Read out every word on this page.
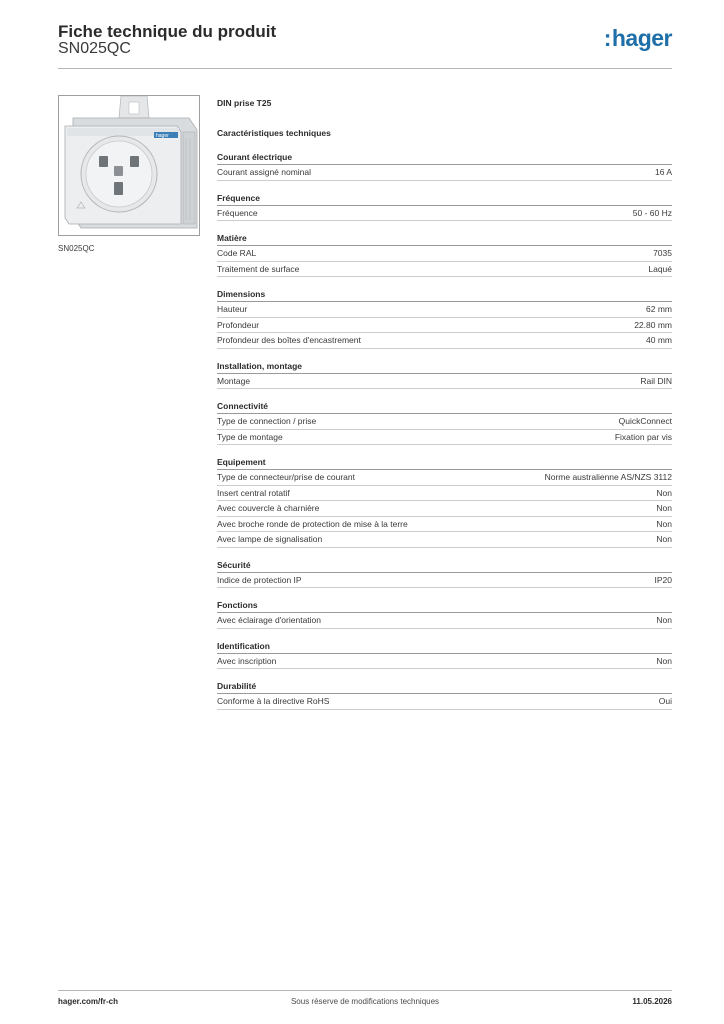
Fiche technique du produit
SN025QC	:hager
hager
SN025QC
DIN prise T25
Caractéristiques techniques
Courant électrique
Courant assigné nominal	16 A
Fréquence
Fréquence	50 - 60 Hz
Matière
Code RAL	7035
Traitement de surface	Laqué
Dimensions
Hauteur	62 mm
Profondeur	22.80 mm
Profondeur des boîtes d'encastrement	40 mm
Installation, montage
Montage	Rail DIN
Connectivité
Type de connection / prise	QuickConnect
Type de montage	Fixation par vis
Equipement
Type de connecteur/prise de courant	Norme australienne AS/NZS 3112
Insert central rotatif	Non
Avec couvercle à charnière	Non
Avec broche ronde de protection de mise à la terre	Non
Avec lampe de signalisation	Non
Sécurité
Indice de protection IP	IP20
Fonctions
Avec éclairage d'orientation	Non
Identification
Avec inscription	Non
Durabilité
Conforme à la directive RoHS	Oui
hager.com/fr-ch	Sous réserve de modifications techniques	11.05.2026
